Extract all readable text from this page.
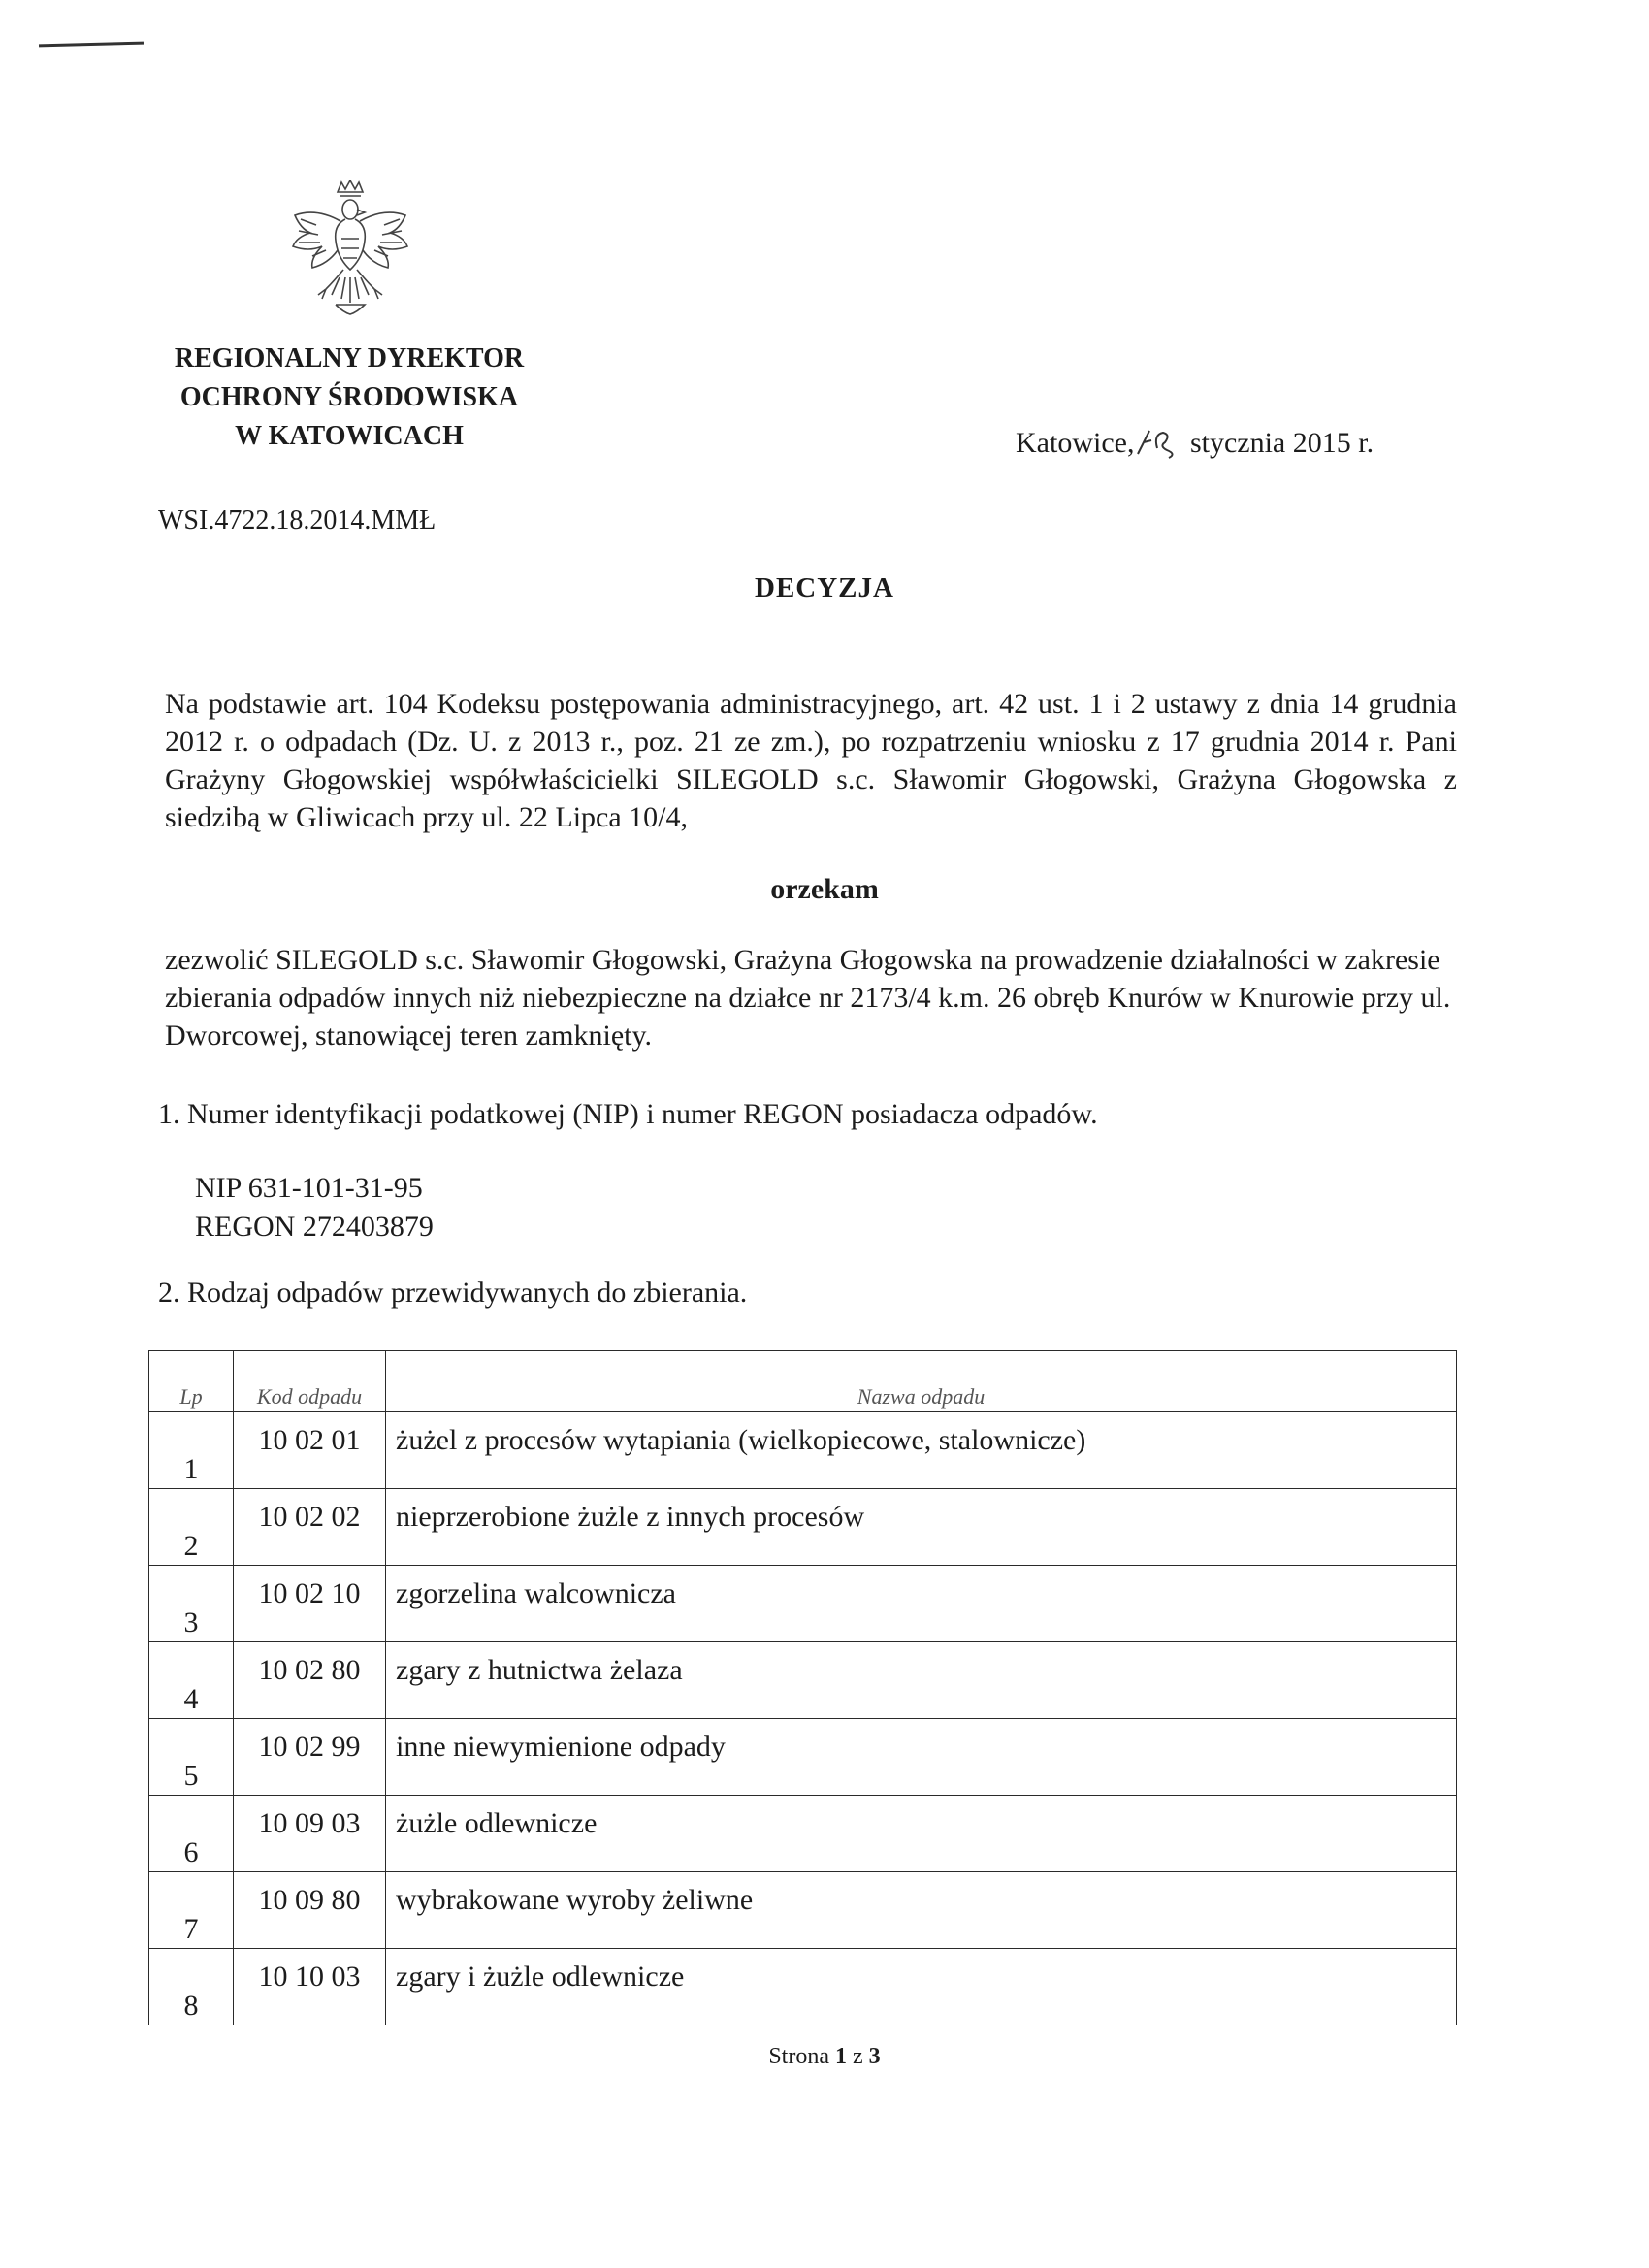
REGIONALNY DYREKTOR
OCHRONY ŚRODOWISKA
W KATOWICACH	Katowice, stycznia 2015 r.
WSI.4722.18.2014.MMŁ
DECYZJA
Na podstawie art. 104 Kodeksu postępowania administracyjnego, art. 42 ust. 1 i 2 ustawy z dnia 14 grudnia 2012 r. o odpadach (Dz. U. z 2013 r., poz. 21 ze zm.), po rozpatrzeniu wniosku z 17 grudnia 2014 r. Pani Grażyny Głogowskiej współwłaścicielki SILEGOLD s.c. Sławomir Głogowski, Grażyna Głogowska z siedzibą w Gliwicach przy ul. 22 Lipca 10/4,
orzekam
zezwolić SILEGOLD s.c. Sławomir Głogowski, Grażyna Głogowska na prowadzenie działalności w zakresie zbierania odpadów innych niż niebezpieczne na działce nr 2173/4 k.m. 26 obręb Knurów w Knurowie przy ul. Dworcowej, stanowiącej teren zamknięty.
1. Numer identyfikacji podatkowej (NIP) i numer REGON posiadacza odpadów.
NIP 631-101-31-95
REGON 272403879
2. Rodzaj odpadów przewidywanych do zbierania.
Lp	Kod odpadu	Nazwa odpadu
1	10 02 01	żużel z procesów wytapiania (wielkopiecowe, stalownicze)
2	10 02 02	nieprzerobione żużle z innych procesów
3	10 02 10	zgorzelina walcownicza
4	10 02 80	zgary z hutnictwa żelaza
5	10 02 99	inne niewymienione odpady
6	10 09 03	żużle odlewnicze
7	10 09 80	wybrakowane wyroby żeliwne
8	10 10 03	zgary i żużle odlewnicze
Strona 1 z 3
